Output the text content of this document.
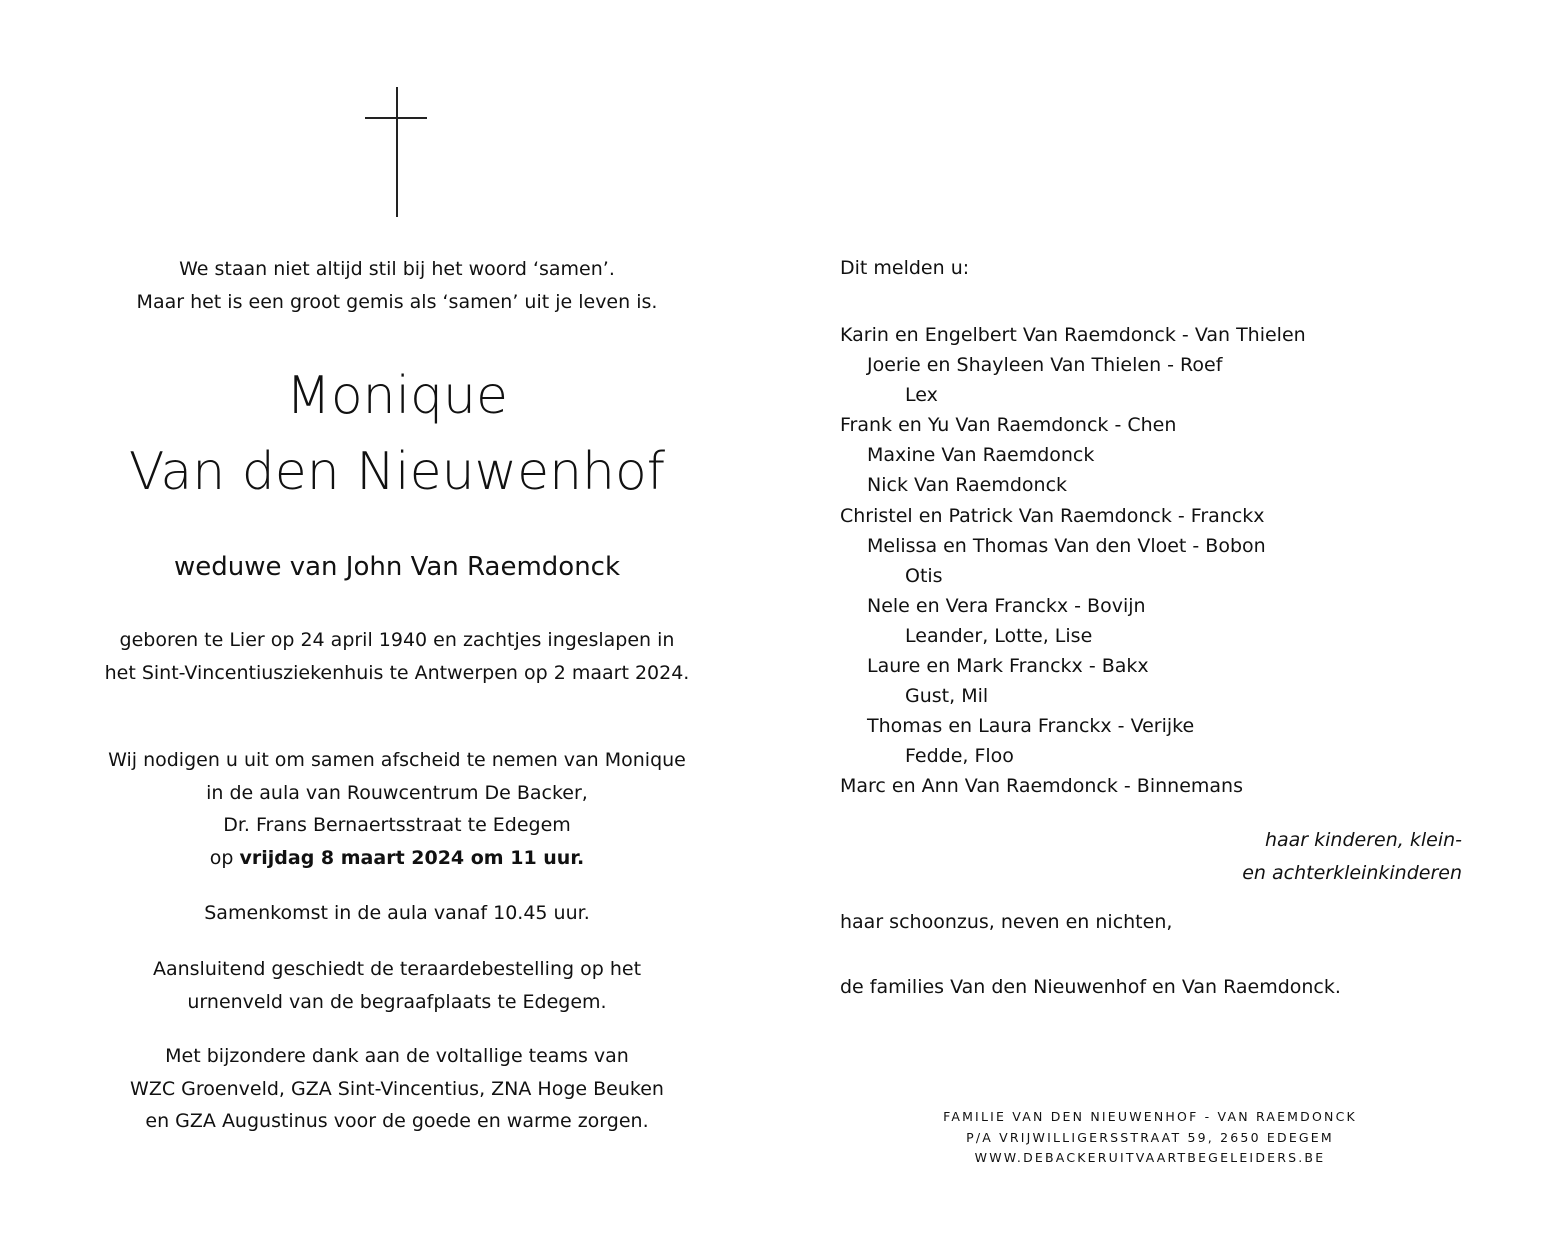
We staan niet altijd stil bij het woord ‘samen’.

Maar het is een groot gemis als ‘samen’ uit je leven is.

Monique

Van den Nieuwenhof

weduwe van John Van Raemdonck

geboren te Lier op 24 april 1940 en zachtjes ingeslapen in

het Sint-Vincentiusziekenhuis te Antwerpen op 2 maart 2024.

Wij nodigen u uit om samen afscheid te nemen van Monique

in de aula van Rouwcentrum De Backer,

Dr. Frans Bernaertsstraat te Edegem

op vrijdag 8 maart 2024 om 11 uur.

Samenkomst in de aula vanaf 10.45 uur.

Aansluitend geschiedt de teraardebestelling op het

urnenveld van de begraafplaats te Edegem.

Met bijzondere dank aan de voltallige teams van

WZC Groenveld, GZA Sint-Vincentius, ZNA Hoge Beuken

en GZA Augustinus voor de goede en warme zorgen.

Dit melden u:
Karin en Engelbert Van Raemdonck - Van Thielen
Joerie en Shayleen Van Thielen - Roef
Lex
Frank en Yu Van Raemdonck - Chen
Maxine Van Raemdonck
Nick Van Raemdonck
Christel en Patrick Van Raemdonck - Franckx
Melissa en Thomas Van den Vloet - Bobon
Otis
Nele en Vera Franckx - Bovijn
Leander, Lotte, Lise
Laure en Mark Franckx - Bakx
Gust, Mil
Thomas en Laura Franckx - Verijke
Fedde, Floo
Marc en Ann Van Raemdonck - Binnemans
haar kinderen, klein-
en achterkleinkinderen
haar schoonzus, neven en nichten,
de families Van den Nieuwenhof en Van Raemdonck.
FAMILIE VAN DEN NIEUWENHOF - VAN RAEMDONCK
P/A VRIJWILLIGERSSTRAAT 59, 2650 EDEGEM
WWW.DEBACKERUITVAARTBEGELEIDERS.BE
